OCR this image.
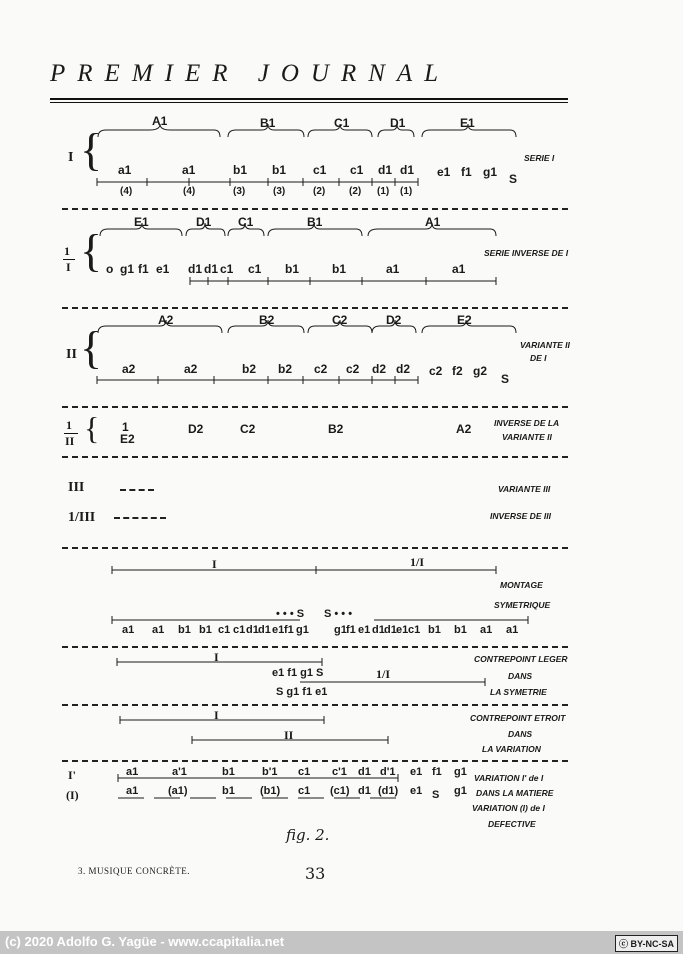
PREMIER JOURNAL
I {
A1	B1	C1	D1	E1
a1	a1	b1 b1 c1 c1 d1 d1 e1 f1 g1 S
(4)	(4)	(3)	(3)	(2) (2) (1) (1)
SERIE I
1
I {
E1	D1 C1	B1	A1
o g1 f1 e1 d1 d1 c1 c1 b1	b1	a1	a1
SERIE INVERSE DE I
II {
A2	B2	C2	D2	E2
a2	a2	b2 b2 c2 c2 d2 d2 c2 f2 g2
S
VARIANTE II
DE I
1
II { 1
E2
D2	C2	B2	A2	INVERSE DE LA
VARIANTE II
III	VARIANTE III
1/III	INVERSE DE III
I	1/I
MONTAGE
SYMETRIQUE
a1 a1 b1 b1 c1 c1 d1 d1 e1 f1 g1
• • • S S • • •
g1 f1 e1 d1 d1 e1 c1 b1 b1 a1 a1
I
e1 f1 g1 S	1/I
S g1 f1 e1
CONTREPOINT LEGER
DANS
LA SYMETRIE
I
II
CONTREPOINT ETROIT
DANS
LA VARIATION
I'
(I)
a1	a'1	b1 b'1 c1 c'1 d1 d'1 e1 f1 g1
a1	(a1)	b1 (b1) c1 (c1) d1 (d1) e1 S g1
VARIATION I' de I
DANS LA MATIERE
VARIATION (I) de I
DEFECTIVE
fig. 2.
3. MUSIQUE CONCRÈTE.	33
(c) 2020 Adolfo G. Yagüe - www.ccapitalia.net	ⓒ BY-NC-SA
